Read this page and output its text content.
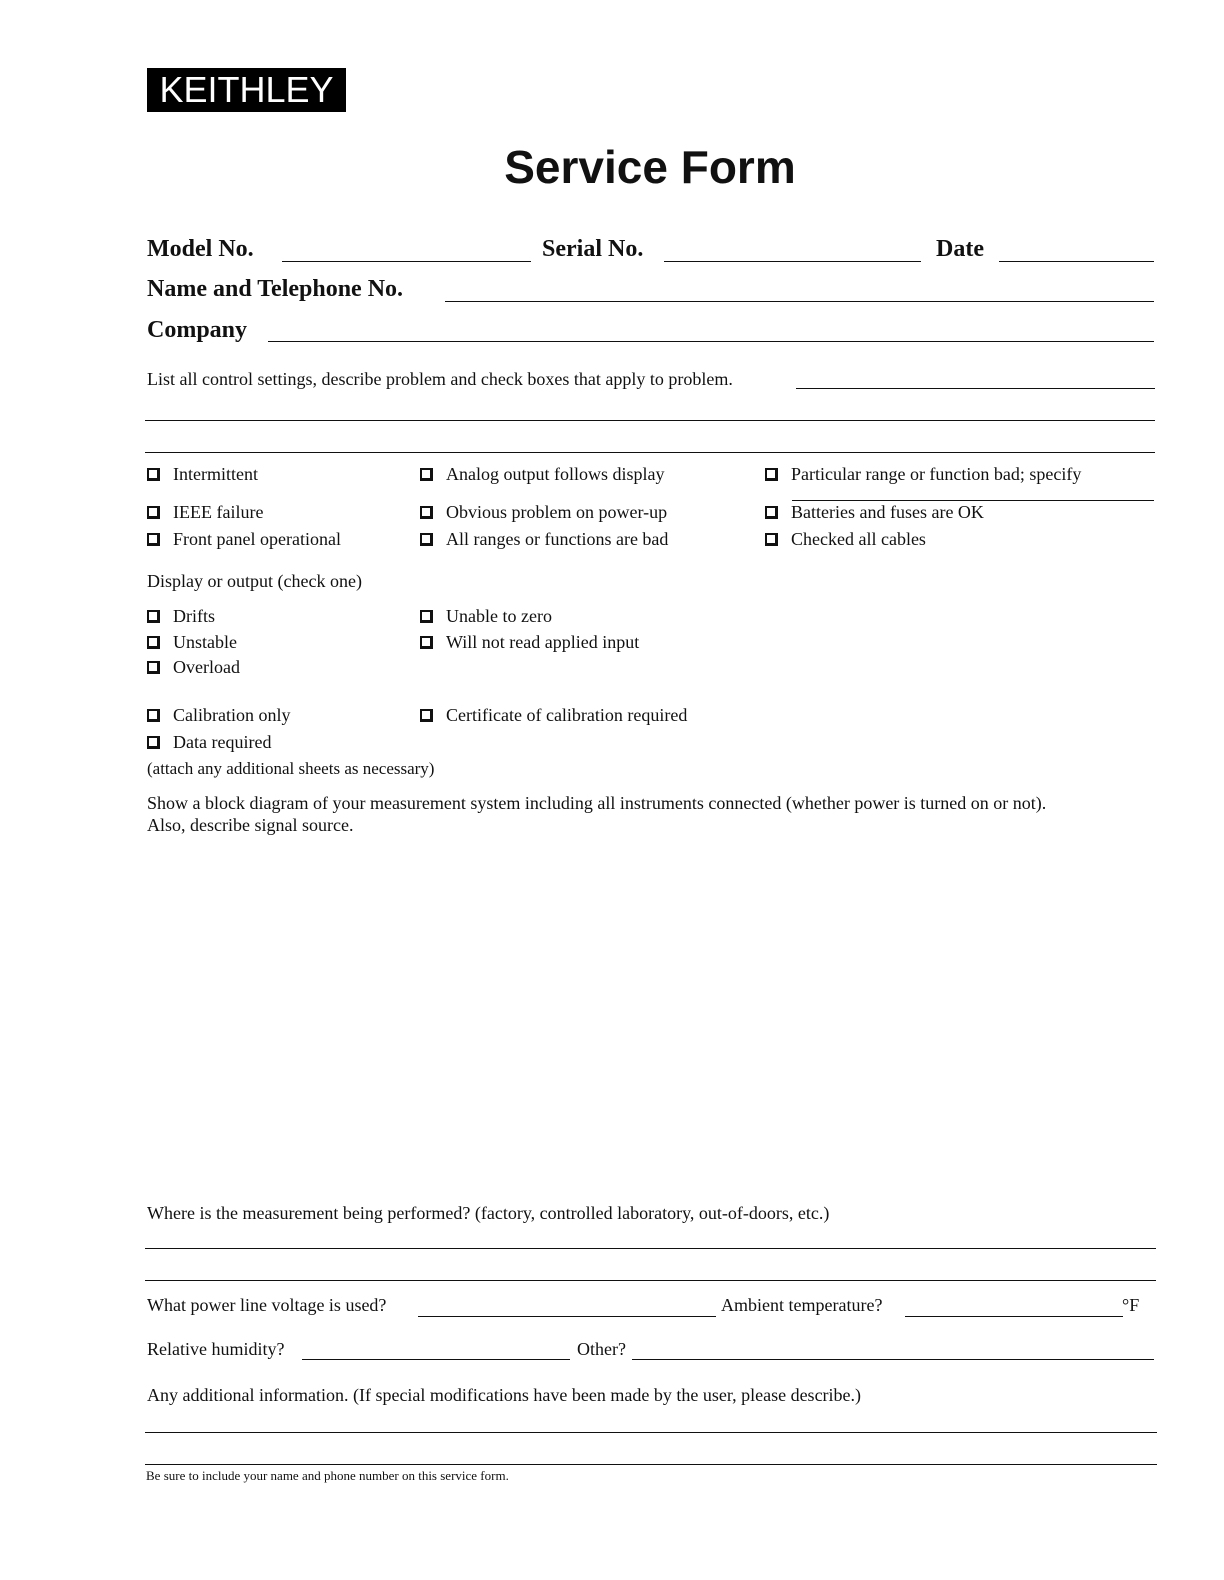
KEITHLEY
Service Form
Model No.	Serial No.	Date
Name and Telephone No.
Company
List all control settings, describe problem and check boxes that apply to problem.
Intermittent	Analog output follows display	Particular range or function bad; specify
IEEE failure	Obvious problem on power-up	Batteries and fuses are OK
Front panel operational	All ranges or functions are bad	Checked all cables
Display or output (check one)
Drifts	Unable to zero
Unstable	Will not read applied input
Overload
Calibration only	Certificate of calibration required
Data required
(attach any additional sheets as necessary)
Show a block diagram of your measurement system including all instruments connected (whether power is turned on or not).
Also, describe signal source.
Where is the measurement being performed? (factory, controlled laboratory, out-of-doors, etc.)
What power line voltage is used?	Ambient temperature?	°F
Relative humidity?	Other?
Any additional information. (If special modifications have been made by the user, please describe.)
Be sure to include your name and phone number on this service form.
